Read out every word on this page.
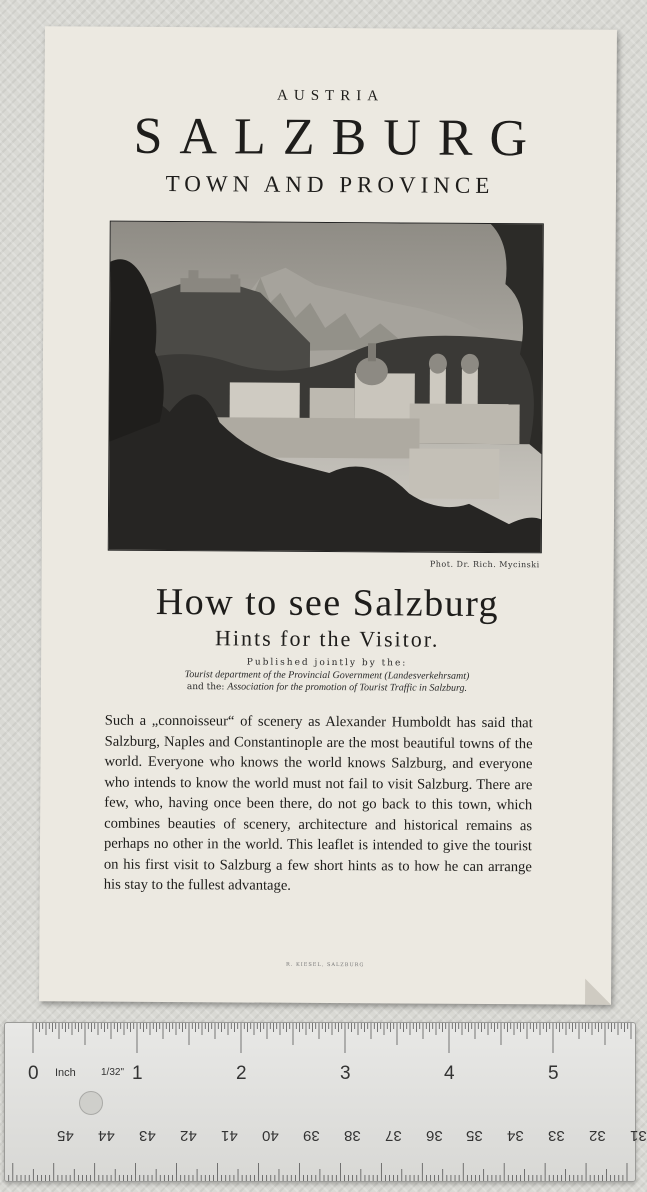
AUSTRIA
SALZBURG
TOWN AND PROVINCE
Phot. Dr. Rich. Mycinski
How to see Salzburg
Hints for the Visitor.
Published jointly by the:
Tourist department of the Provincial Government (Landesverkehrsamt)
and the: Association for the promotion of Tourist Traffic in Salzburg.
Such a „connoisseur“ of scenery as Alexander Humboldt has said that Salzburg, Naples and Constantinople are the most beautiful towns of the world. Everyone who knows the world knows Salzburg, and everyone who intends to know the world must not fail to visit Salzburg. There are few, who, having once been there, do not go back to this town, which combines beauties of scenery, architecture and historical remains as perhaps no other in the world. This leaflet is intended to give the tourist on his first visit to Salzburg a few short hints as to how he can arrange his stay to the fullest advantage.
R. KIESEL, SALZBURG
Inch	1/32"
0	1	2	3	4	5
45 44 43 42 41 40 39 38 37 36 35 34 33 32 31
